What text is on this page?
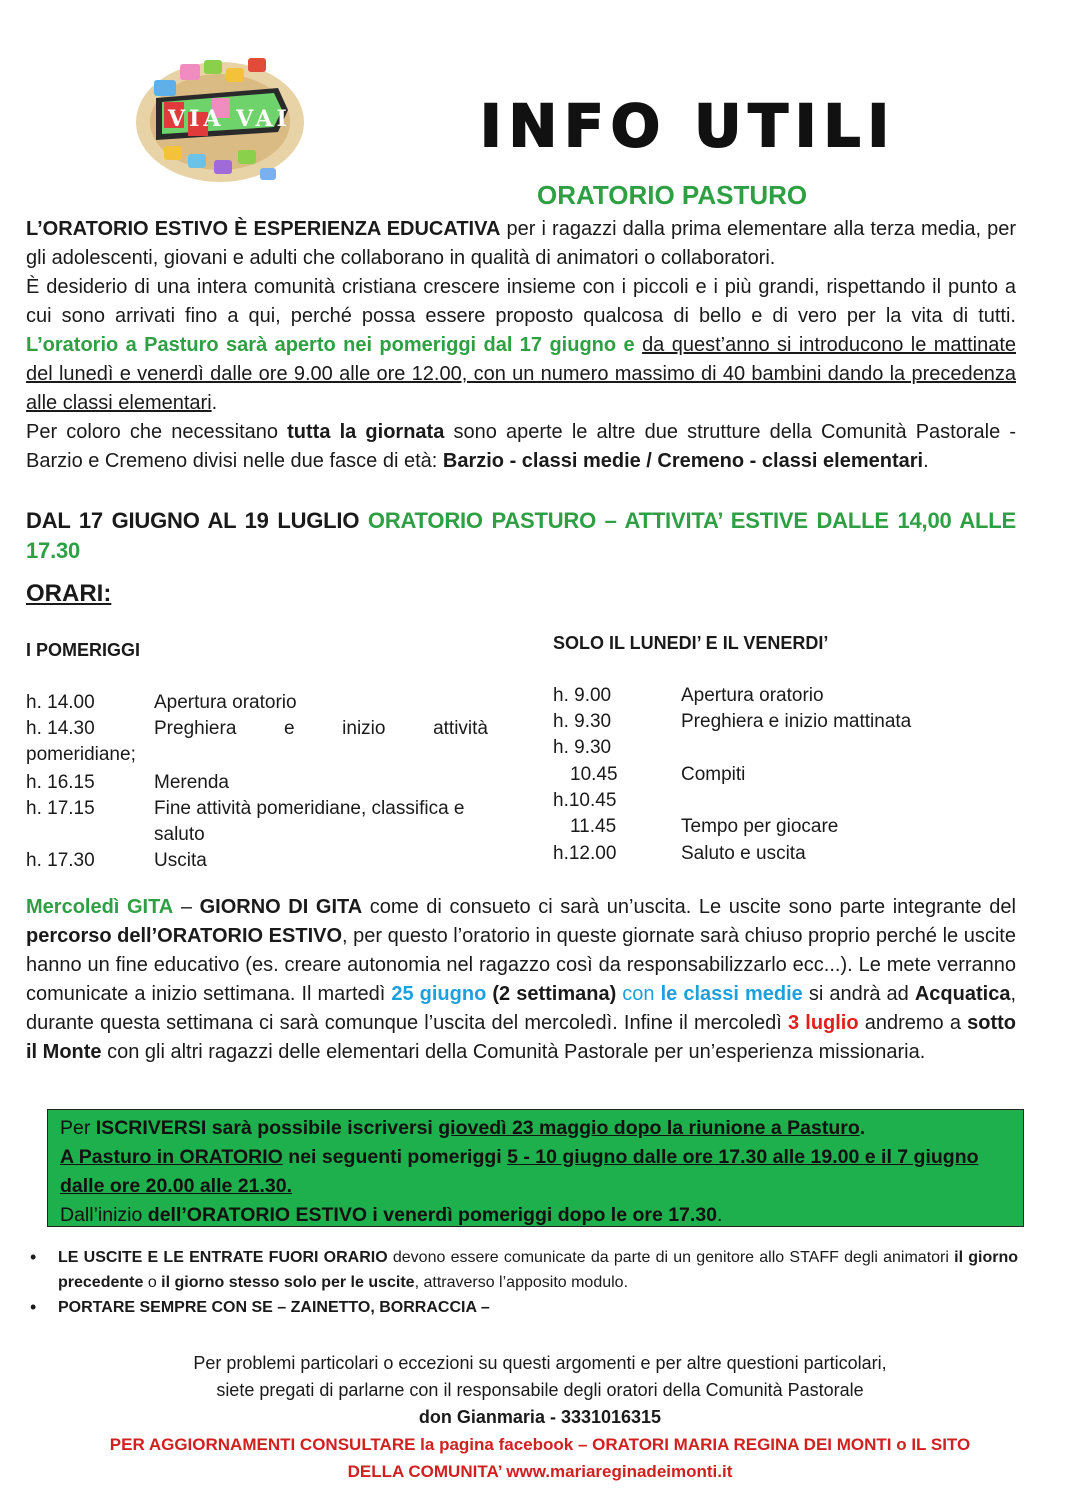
VIA VAI	INFO UTILI
ORATORIO PASTURO
L’ORATORIO ESTIVO È ESPERIENZA EDUCATIVA per i ragazzi dalla prima elementare alla terza media, per gli adolescenti, giovani e adulti che collaborano in qualità di animatori o collaboratori.
È desiderio di una intera comunità cristiana crescere insieme con i piccoli e i più grandi, rispettando il punto a cui sono arrivati fino a qui, perché possa essere proposto qualcosa di bello e di vero per la vita di tutti. L’oratorio a Pasturo sarà aperto nei pomeriggi dal 17 giugno e da quest’anno si introducono le mattinate del lunedì e venerdì dalle ore 9.00 alle ore 12.00, con un numero massimo di 40 bambini dando la precedenza alle classi elementari.
Per coloro che necessitano tutta la giornata sono aperte le altre due strutture della Comunità Pastorale - Barzio e Cremeno divisi nelle due fasce di età: Barzio - classi medie / Cremeno - classi elementari.
DAL 17 GIUGNO AL 19 LUGLIO ORATORIO PASTURO – ATTIVITA’ ESTIVE DALLE 14,00 ALLE 17.30
ORARI:
I POMERIGGI	SOLO IL LUNEDI’ E IL VENERDI’
h. 14.00	Apertura oratorio
h. 14.30	Preghiera e inizio attività
pomeridiane;
h. 16.15	Merenda
h. 17.15	Fine attività pomeridiane, classifica e
saluto
h. 17.30	Uscita
h. 9.00	Apertura oratorio
h. 9.30	Preghiera e inizio mattinata
h. 9.30
10.45	Compiti
h.10.45
11.45	Tempo per giocare
h.12.00	Saluto e uscita
Mercoledì GITA – GIORNO DI GITA come di consueto ci sarà un’uscita. Le uscite sono parte integrante del percorso dell’ORATORIO ESTIVO, per questo l’oratorio in queste giornate sarà chiuso proprio perché le uscite hanno un fine educativo (es. creare autonomia nel ragazzo così da responsabilizzarlo ecc...). Le mete verranno comunicate a inizio settimana. Il martedì 25 giugno (2 settimana) con le classi medie si andrà ad Acquatica, durante questa settimana ci sarà comunque l’uscita del mercoledì. Infine il mercoledì 3 luglio andremo a sotto il Monte con gli altri ragazzi delle elementari della Comunità Pastorale per un’esperienza missionaria.
Per ISCRIVERSI sarà possibile iscriversi giovedì 23 maggio dopo la riunione a Pasturo.
A Pasturo in ORATORIO nei seguenti pomeriggi 5 - 10 giugno dalle ore 17.30 alle 19.00 e il 7 giugno dalle ore 20.00 alle 21.30.
Dall’inizio dell’ORATORIO ESTIVO i venerdì pomeriggi dopo le ore 17.30.
• LE USCITE E LE ENTRATE FUORI ORARIO devono essere comunicate da parte di un genitore allo STAFF degli animatori il giorno precedente o il giorno stesso solo per le uscite, attraverso l’apposito modulo.
• PORTARE SEMPRE CON SE – ZAINETTO, BORRACCIA –
Per problemi particolari o eccezioni su questi argomenti e per altre questioni particolari,
siete pregati di parlarne con il responsabile degli oratori della Comunità Pastorale
don Gianmaria - 3331016315
PER AGGIORNAMENTI CONSULTARE la pagina facebook – ORATORI MARIA REGINA DEI MONTI o IL SITO
DELLA COMUNITA’ www.mariareginadeimonti.it
